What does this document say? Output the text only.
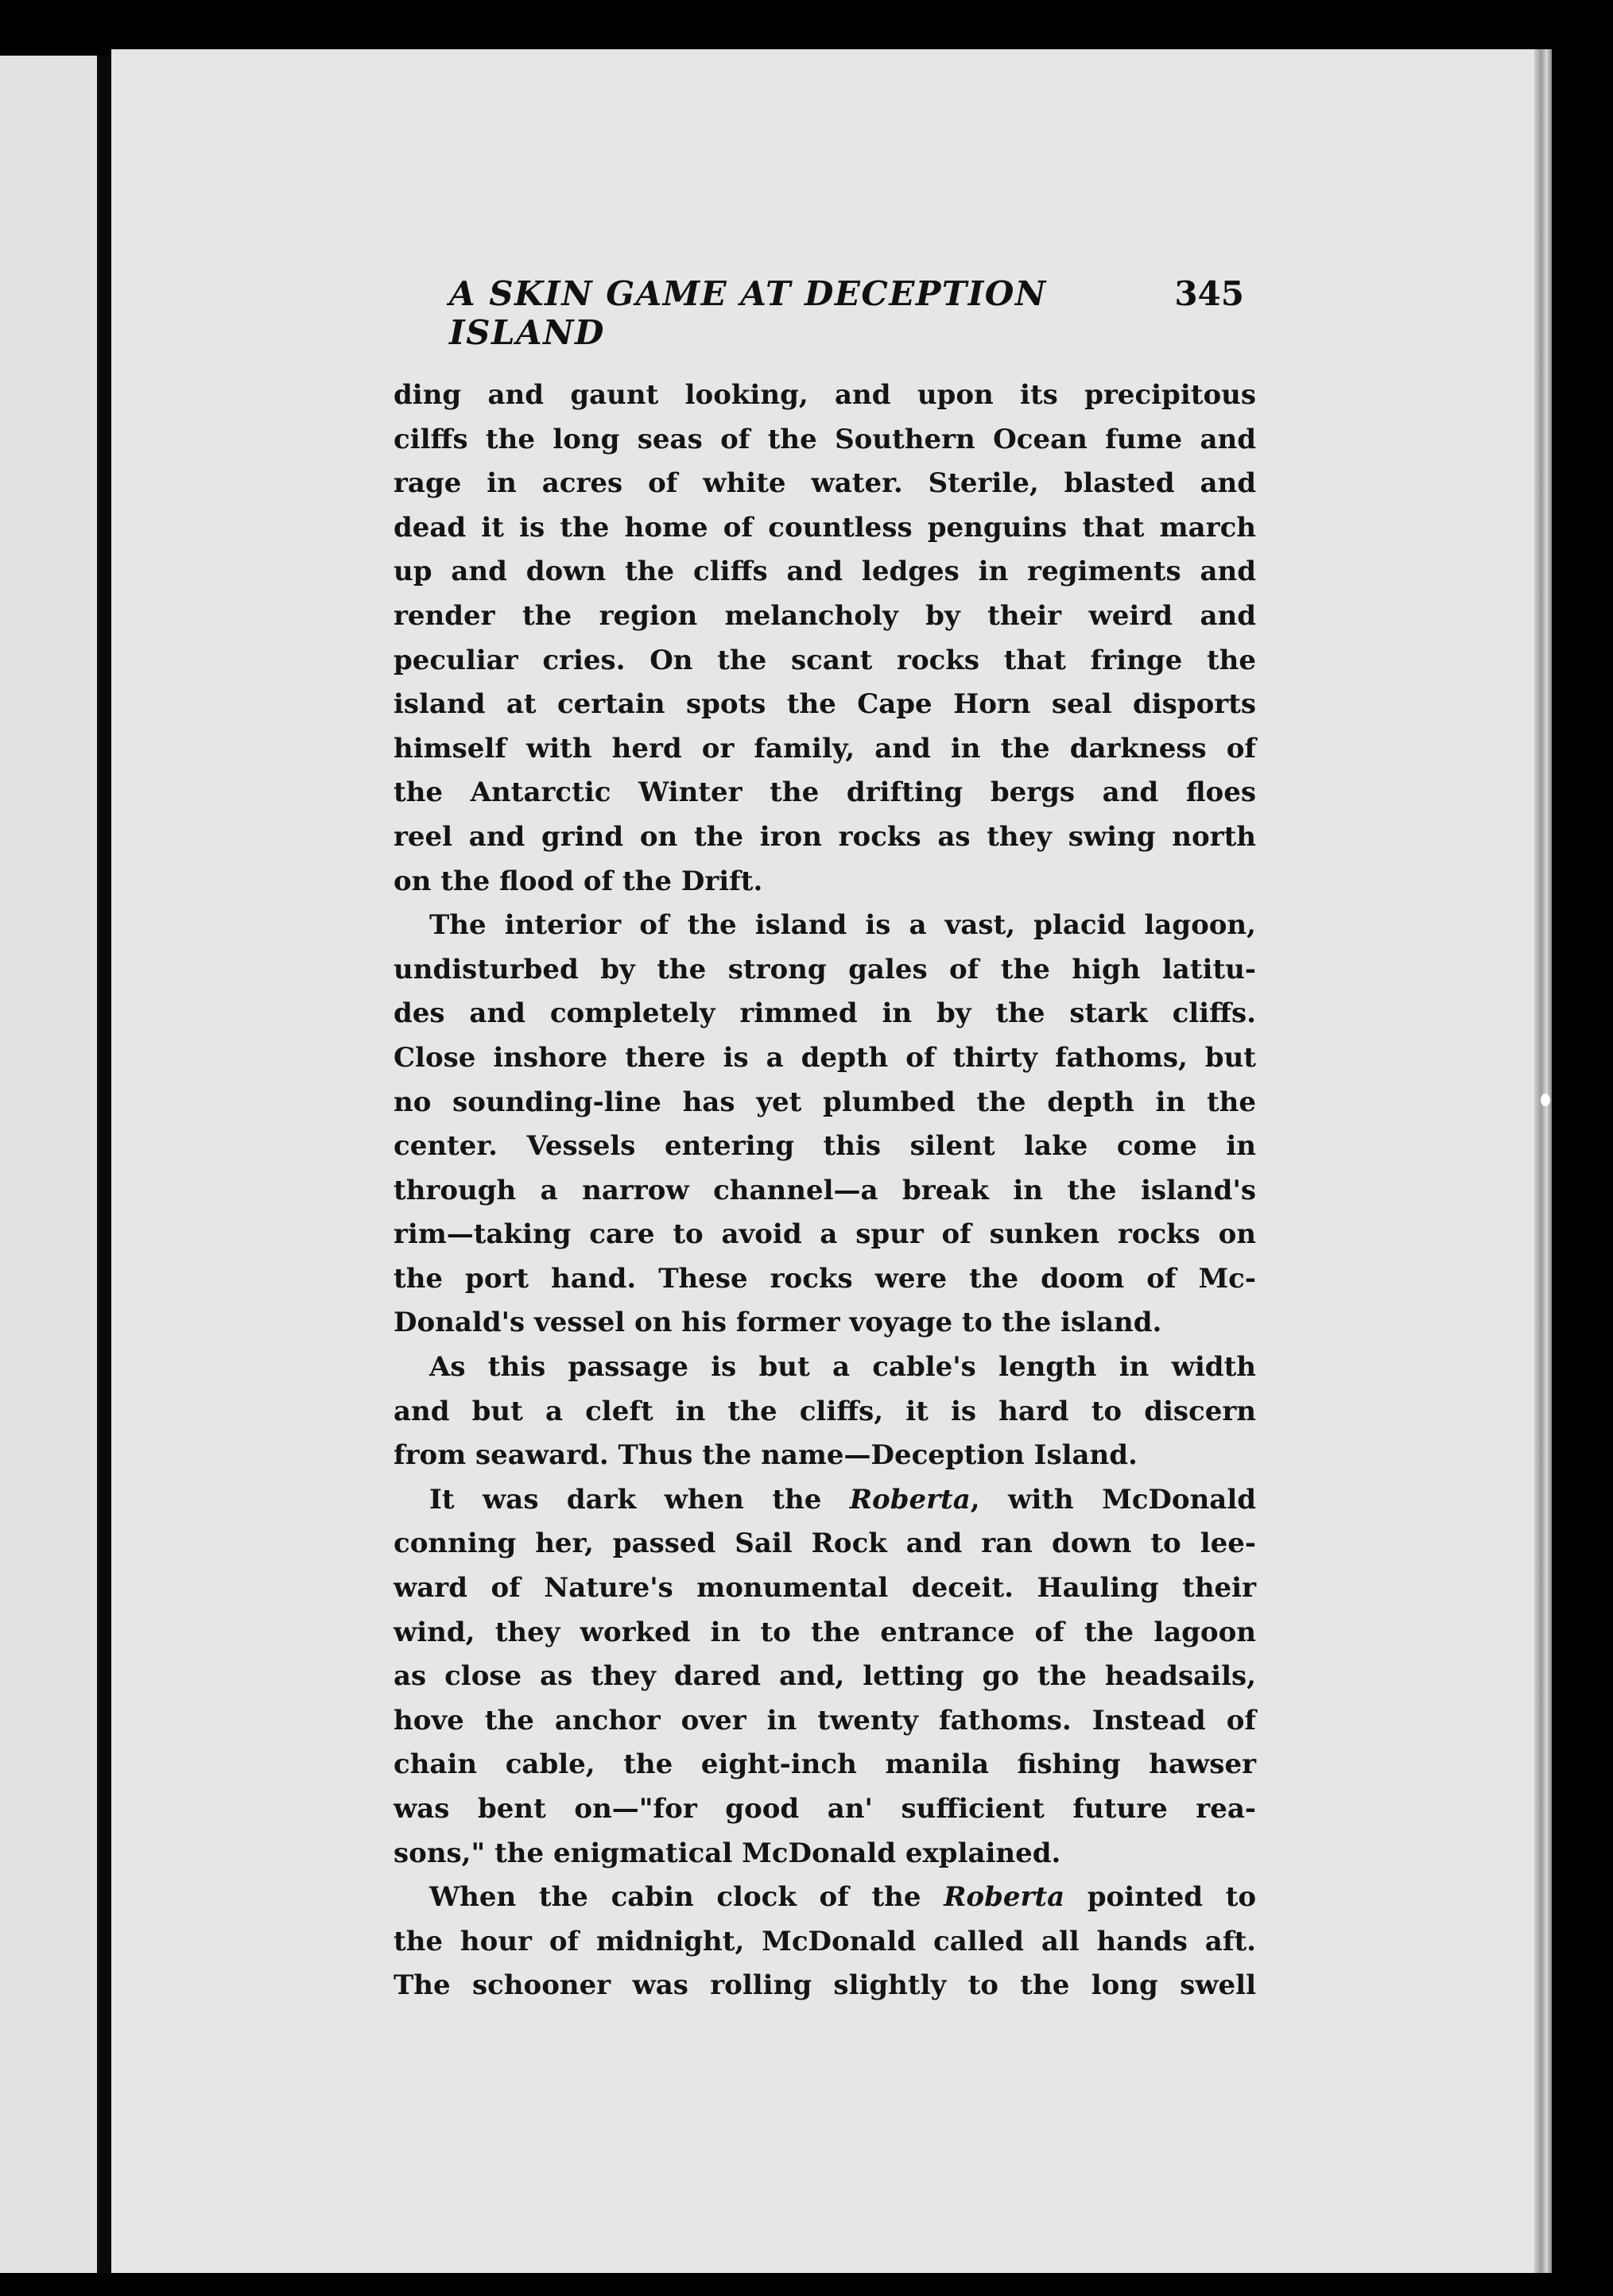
A SKIN GAME AT DECEPTION ISLAND
345
ding and gaunt looking, and upon its precipitous
cilffs the long seas of the Southern Ocean fume and
rage in acres of white water. Sterile, blasted and
dead it is the home of countless penguins that march
up and down the cliffs and ledges in regiments and
render the region melancholy by their weird and
peculiar cries. On the scant rocks that fringe the
island at certain spots the Cape Horn seal disports
himself with herd or family, and in the darkness of
the Antarctic Winter the drifting bergs and floes
reel and grind on the iron rocks as they swing north
on the flood of the Drift.
The interior of the island is a vast, placid lagoon,
undisturbed by the strong gales of the high latitu-
des and completely rimmed in by the stark cliffs.
Close inshore there is a depth of thirty fathoms, but
no sounding-line has yet plumbed the depth in the
center. Vessels entering this silent lake come in
through a narrow channel—a break in the island's
rim—taking care to avoid a spur of sunken rocks on
the port hand. These rocks were the doom of Mc-
Donald's vessel on his former voyage to the island.
As this passage is but a cable's length in width
and but a cleft in the cliffs, it is hard to discern
from seaward. Thus the name—Deception Island.
It was dark when the Roberta, with McDonald
conning her, passed Sail Rock and ran down to lee-
ward of Nature's monumental deceit. Hauling their
wind, they worked in to the entrance of the lagoon
as close as they dared and, letting go the headsails,
hove the anchor over in twenty fathoms. Instead of
chain cable, the eight-inch manila fishing hawser
was bent on—"for good an' sufficient future rea-
sons," the enigmatical McDonald explained.
When the cabin clock of the Roberta pointed to
the hour of midnight, McDonald called all hands aft.
The schooner was rolling slightly to the long swell
